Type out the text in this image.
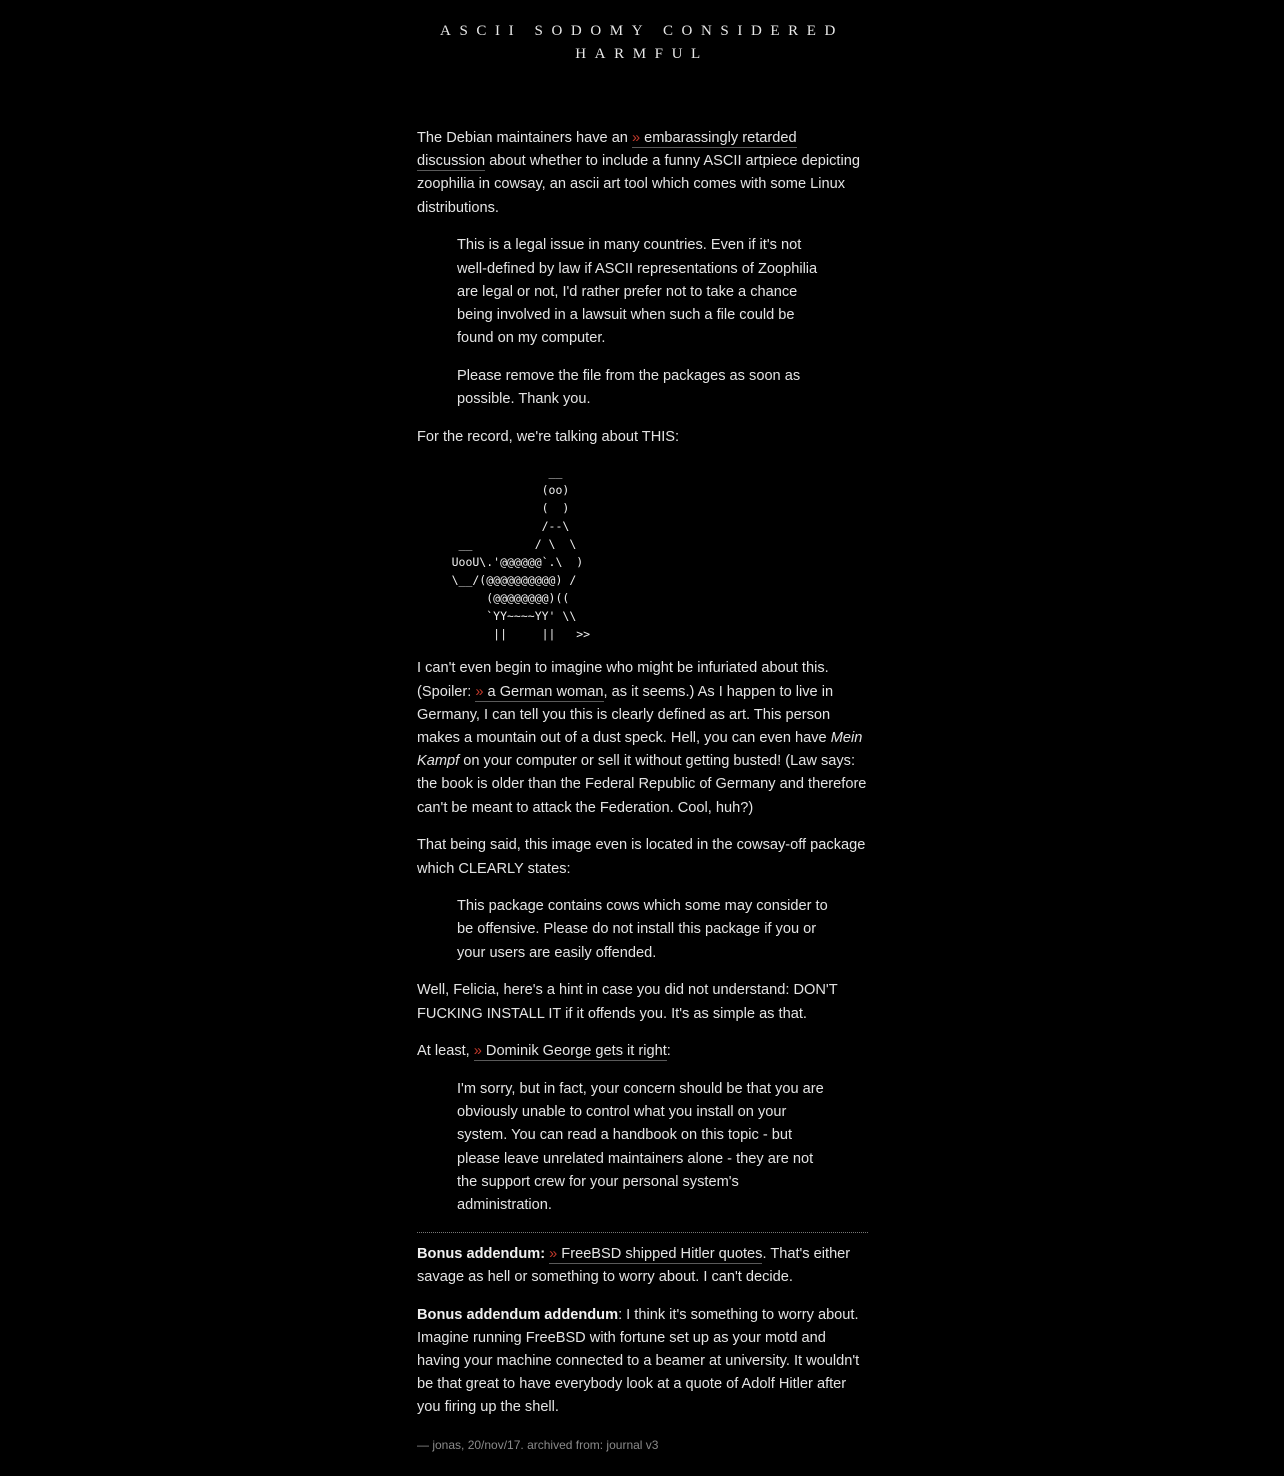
ASCII SODOMY CONSIDERED
HARMFUL

The Debian maintainers have an » embarassingly retarded discussion about whether to include a funny ASCII artpiece depicting zoophilia in cowsay, an ascii art tool which comes with some Linux distributions.

This is a legal issue in many countries. Even if it's not well-defined by law if ASCII representations of Zoophilia are legal or not, I'd rather prefer not to take a chance being involved in a lawsuit when such a file could be found on my computer.

Please remove the file from the packages as soon as possible. Thank you.

For the record, we're talking about THIS:

__
(oo)
(  )
/--\
__         / \  \
UooU\.'@@@@@@`.\  )
\__/(@@@@@@@@@@) /
(@@@@@@@@)((
`YY~~~~YY' \\
||     ||   >>

I can't even begin to imagine who might be infuriated about this. (Spoiler: » a German woman, as it seems.) As I happen to live in Germany, I can tell you this is clearly defined as art. This person makes a mountain out of a dust speck. Hell, you can even have Mein Kampf on your computer or sell it without getting busted! (Law says: the book is older than the Federal Republic of Germany and therefore can't be meant to attack the Federation. Cool, huh?)

That being said, this image even is located in the cowsay-off package which CLEARLY states:

This package contains cows which some may consider to be offensive. Please do not install this package if you or your users are easily offended.

Well, Felicia, here's a hint in case you did not understand: DON'T FUCKING INSTALL IT if it offends you. It's as simple as that.

At least, » Dominik George gets it right:

I'm sorry, but in fact, your concern should be that you are obviously unable to control what you install on your system. You can read a handbook on this topic - but please leave unrelated maintainers alone - they are not the support crew for your personal system's administration.

Bonus addendum: » FreeBSD shipped Hitler quotes. That's either savage as hell or something to worry about. I can't decide.

Bonus addendum addendum: I think it's something to worry about. Imagine running FreeBSD with fortune set up as your motd and having your machine connected to a beamer at university. It wouldn't be that great to have everybody look at a quote of Adolf Hitler after you firing up the shell.

— jonas, 20/nov/17. archived from: journal v3
